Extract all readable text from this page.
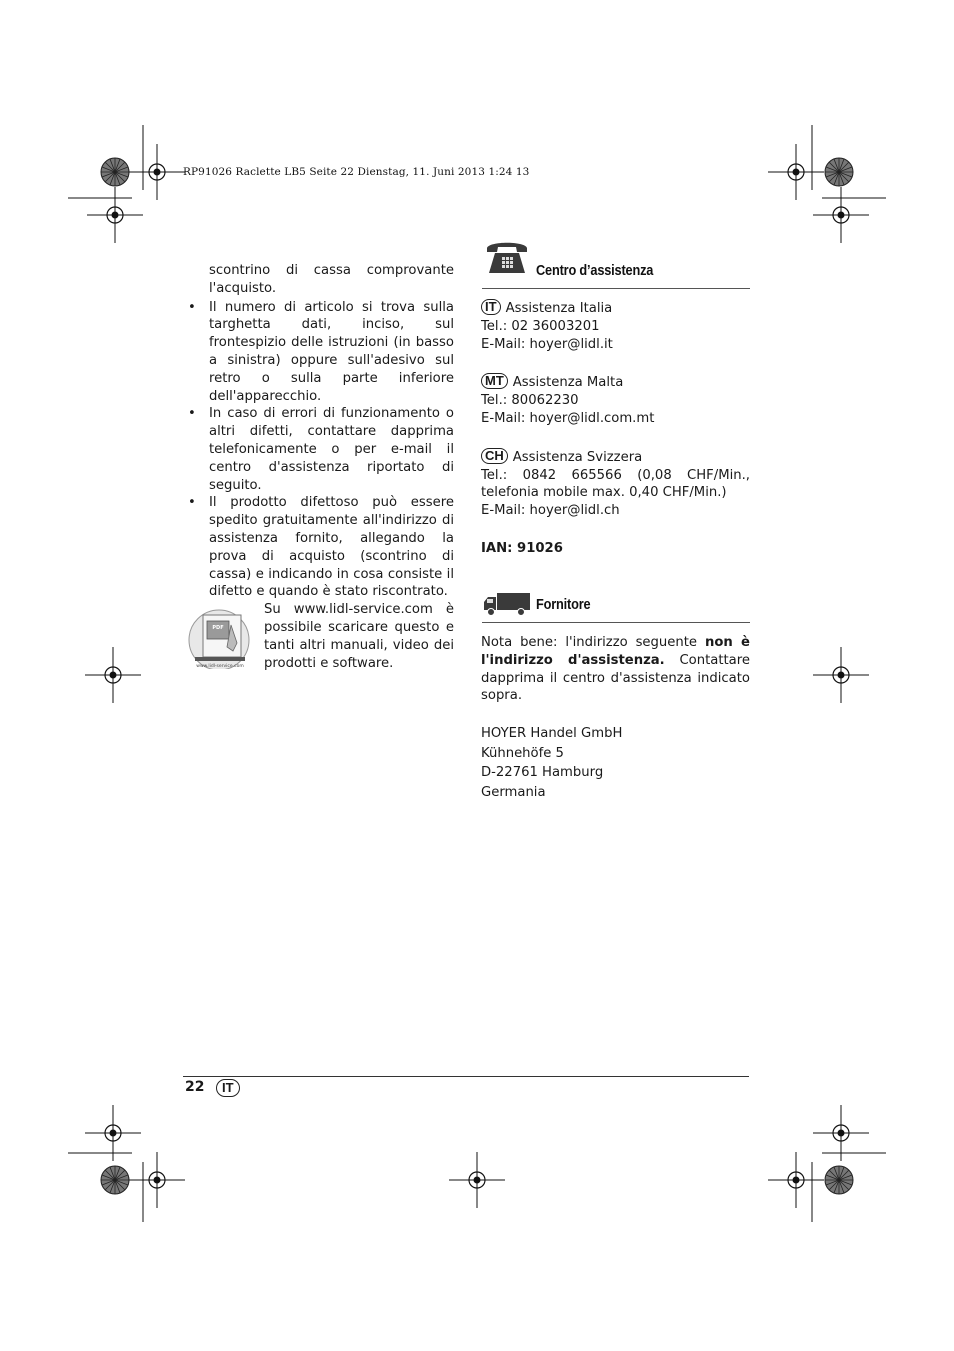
RP91026 Raclette LB5 Seite 22 Dienstag, 11. Juni 2013 1:24 13
scontrino di cassa comprovante l'acquisto.
• Il numero di articolo si trova sulla targhetta dati, inciso, sul frontespizio delle istruzioni (in basso a sinistra) oppure sull'adesivo sul retro o sulla parte inferiore dell'apparecchio.
• In caso di errori di funzionamento o altri difetti, contattare dapprima telefonicamente o per e-mail il centro d'assistenza riportato di seguito.
• Il prodotto difettoso può essere spedito gratuitamente all'indirizzo di assistenza fornito, allegando la prova di acquisto (scontrino di cassa) e indicando in cosa consiste il difetto e quando è stato riscontrato.
PDF
www.lidl-service.com
Su www.lidl-service.com è possibile scaricare questo e tanti altri manuali, video dei prodotti e software.
Centro d’assistenza
IT Assistenza Italia
Tel.: 02 36003201
E-Mail: hoyer@lidl.it
MT Assistenza Malta
Tel.: 80062230
E-Mail: hoyer@lidl.com.mt
CH Assistenza Svizzera
Tel.: 0842 665566 (0,08 CHF/Min., telefonia mobile max. 0,40 CHF/Min.)
E-Mail: hoyer@lidl.ch
IAN: 91026
Fornitore
Nota bene: l'indirizzo seguente non è l'indirizzo d'assistenza. Contattare dapprima il centro d'assistenza indicato sopra.
HOYER Handel GmbH
Kühnehöfe 5
D-22761 Hamburg
Germania
22	IT
